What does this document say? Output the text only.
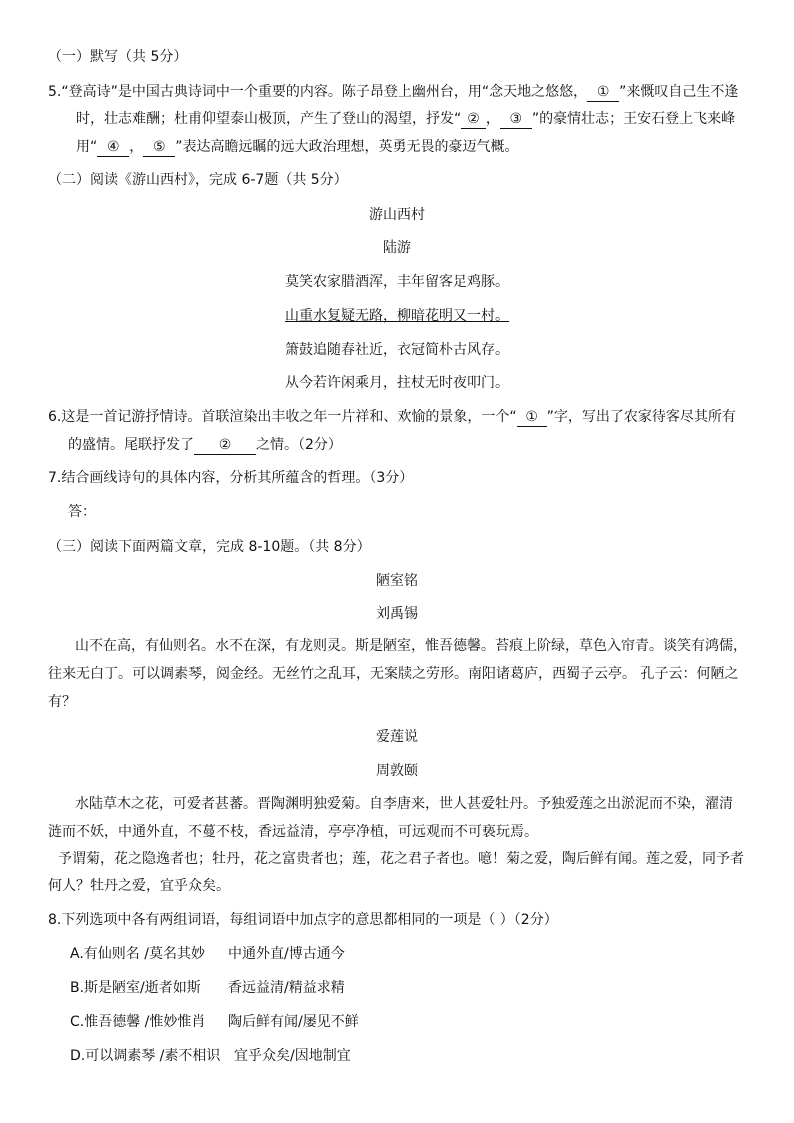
（一）默写（共 5分）
5.“登高诗”是中国古典诗词中一个重要的内容。陈子昂登上幽州台，用“念天地之悠悠， ① ”来慨叹自己生不逢
时，壮志难酬；杜甫仰望泰山极顶，产生了登山的渴望，抒发“ ② ， ③ ”的豪情壮志；王安石登上飞来峰
用“ ④ ， ⑤ ”表达高瞻远瞩的远大政治理想，英勇无畏的豪迈气概。
（二）阅读《游山西村》，完成 6-7题（共 5分）
游山西村
陆游
莫笑农家腊酒浑，丰年留客足鸡豚。
山重水复疑无路，柳暗花明又一村。
箫鼓追随春社近，衣冠简朴古风存。
从今若许闲乘月，拄杖无时夜叩门。
6.这是一首记游抒情诗。首联渲染出丰收之年一片祥和、欢愉的景象，一个“ ① ”字，写出了农家待客尽其所有
的盛情。尾联抒发了 ② 之情。（2分）
7.结合画线诗句的具体内容，分析其所蕴含的哲理。（3分）
答：
（三）阅读下面两篇文章，完成 8-10题。（共 8分）
陋室铭
刘禹锡
山不在高，有仙则名。水不在深，有龙则灵。斯是陋室，惟吾德馨。苔痕上阶绿，草色入帘青。谈笑有鸿儒，
往来无白丁。可以调素琴，阅金经。无丝竹之乱耳，无案牍之劳形。南阳诸葛庐，西蜀子云亭。 孔子云：何陋之
有？
爱莲说
周敦颐
水陆草木之花，可爱者甚蕃。晋陶渊明独爱菊。自李唐来，世人甚爱牡丹。予独爱莲之出淤泥而不染，濯清
涟而不妖，中通外直，不蔓不枝，香远益清，亭亭净植，可远观而不可亵玩焉。
予谓菊，花之隐逸者也；牡丹，花之富贵者也；莲，花之君子者也。噫！菊之爱，陶后鲜有闻。莲之爱，同予者
何人？牡丹之爱，宜乎众矣。
8.下列选项中各有两组词语，每组词语中加点字的意思都相同的一项是（ ）（2分）
A.有仙则名 /莫名其妙 中通外直/博古通今
B.斯是陋室/逝者如斯 香远益清/精益求精
C.惟吾德馨 /惟妙惟肖 陶后鲜有闻/屡见不鲜
D.可以调素琴 /素不相识 宜乎众矣/因地制宜
